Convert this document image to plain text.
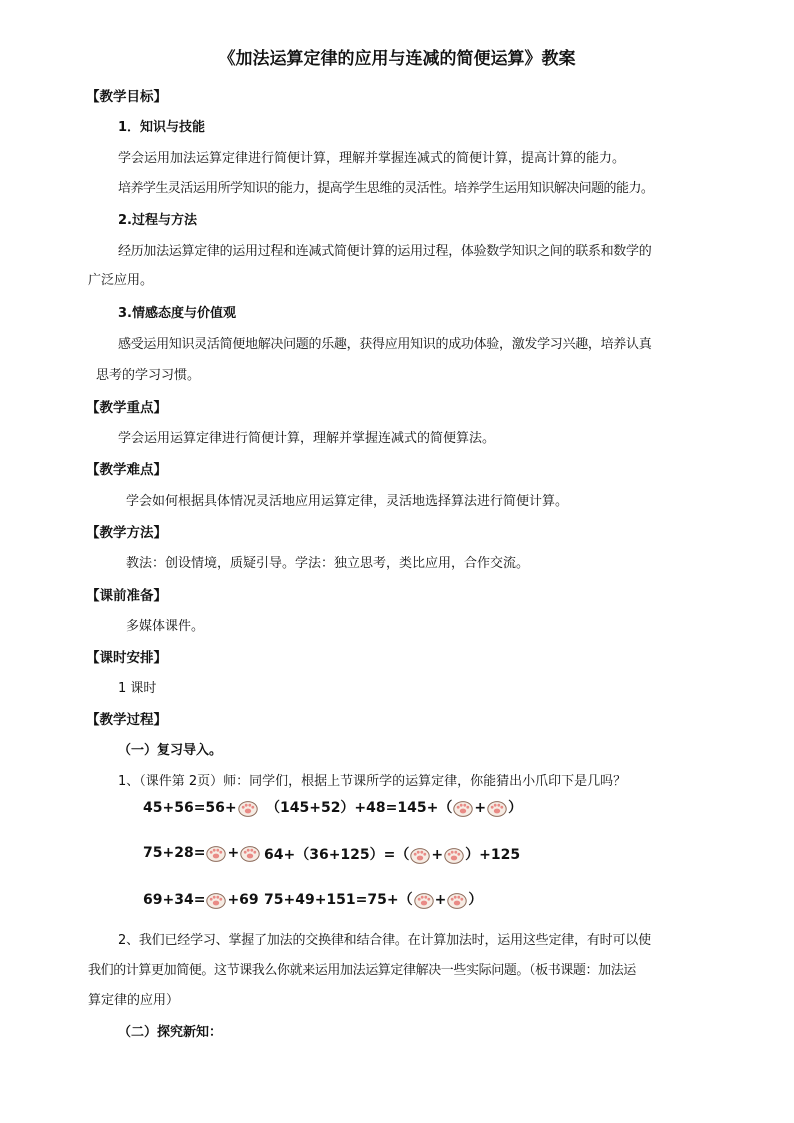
《加法运算定律的应用与连减的简便运算》教案
【教学目标】
1．知识与技能
学会运用加法运算定律进行简便计算，理解并掌握连减式的简便计算，提高计算的能力。
培养学生灵活运用所学知识的能力，提高学生思维的灵活性。培养学生运用知识解决问题的能力。
2.过程与方法
经历加法运算定律的运用过程和连减式简便计算的运用过程，体验数学知识之间的联系和数学的
广泛应用。
3.情感态度与价值观
感受运用知识灵活简便地解决问题的乐趣，获得应用知识的成功体验，激发学习兴趣，培养认真
思考的学习习惯。
【教学重点】
学会运用运算定律进行简便计算，理解并掌握连减式的简便算法。
【教学难点】
学会如何根据具体情况灵活地应用运算定律，灵活地选择算法进行简便计算。
【教学方法】
教法：创设情境，质疑引导。学法：独立思考，类比应用，合作交流。
【课前准备】
多媒体课件。
【课时安排】
1 课时
【教学过程】
（一）复习导入。
1、（课件第 2页）师：同学们，根据上节课所学的运算定律，你能猜出小爪印下是几吗？
45+56=56+ （145+52）+48=145+（ + ）
75+28= + 64+（36+125）=（ + ）+125
69+34= +69 75+49+151=75+（ + ）
2、我们已经学习、掌握了加法的交换律和结合律。在计算加法时，运用这些定律，有时可以使
我们的计算更加简便。这节课我么你就来运用加法运算定律解决一些实际问题。（板书课题：加法运
算定律的应用）
（二）探究新知：
